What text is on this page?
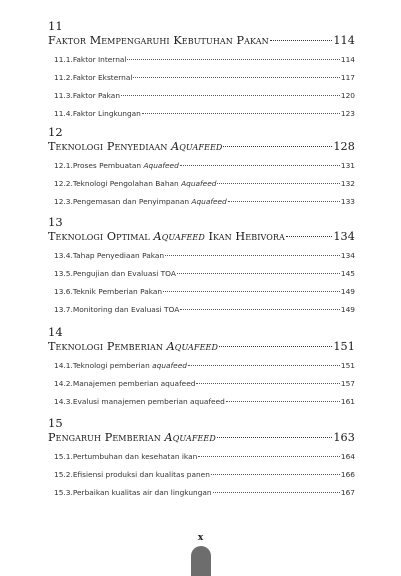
11
Faktor Mempengaruhi Kebutuhan Pakan	114
11.1. Faktor Internal	114
11.2. Faktor Eksternal	117
11.3. Faktor Pakan	120
11.4. Faktor Lingkungan	123
12
Teknologi Penyediaan Aquafeed	128
12.1. Proses Pembuatan Aquafeed	131
12.2. Teknologi Pengolahan Bahan Aquafeed	132
12.3. Pengemasan dan Penyimpanan Aquafeed	133
13
Teknologi Optimal Aquafeed Ikan Hebivora	134
13.4. Tahap Penyediaan Pakan	134
13.5. Pengujian dan Evaluasi TOA	145
13.6. Teknik Pemberian Pakan	149
13.7. Monitoring dan Evaluasi TOA	149
14
Teknologi Pemberian Aquafeed	151
14.1. Teknologi pemberian aquafeed	151
14.2. Manajemen pemberian aquafeed	157
14.3. Evalusi manajemen pemberian aquafeed	161
15
Pengaruh Pemberian Aquafeed	163
15.1. Pertumbuhan dan kesehatan ikan	164
15.2. Efisiensi produksi dan kualitas panen	166
15.3. Perbaikan kualitas air dan lingkungan	167
x
